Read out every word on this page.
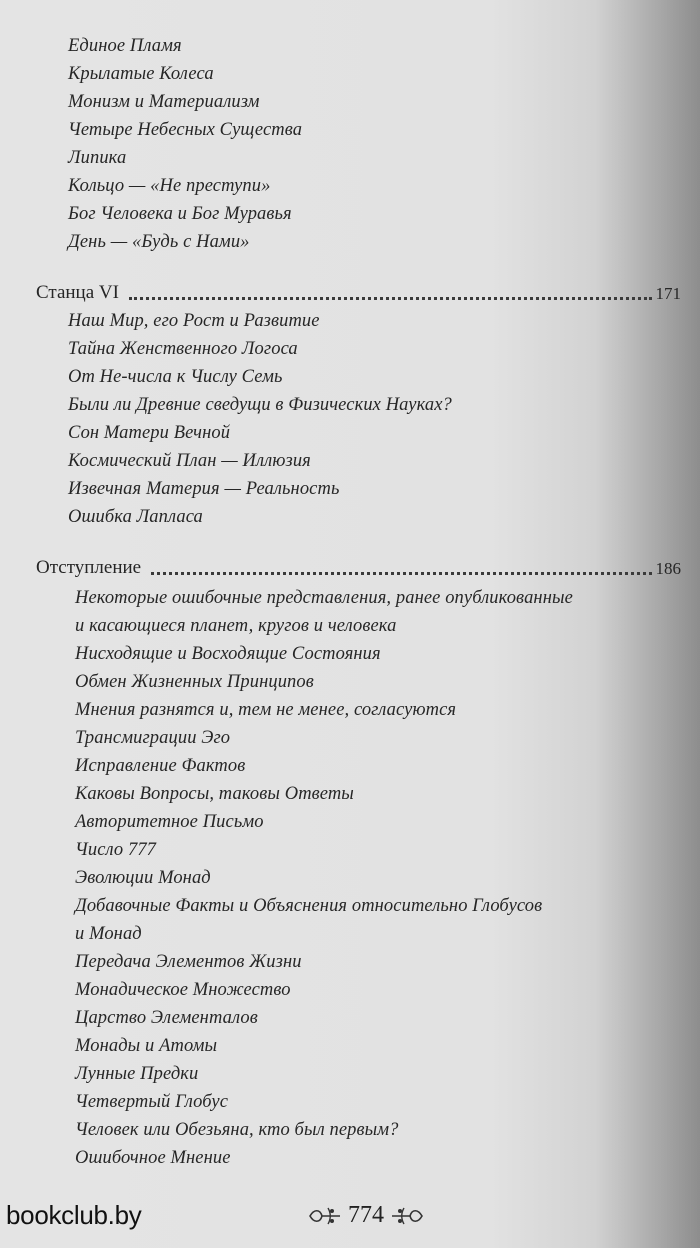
Единое Пламя
Крылатые Колеса
Монизм и Материализм
Четыре Небесных Существа
Липика
Кольцо — «Не преступи»
Бог Человека и Бог Муравья
День — «Будь с Нами»
Станца VI	171
Наш Мир, его Рост и Развитие
Тайна Женственного Логоса
От Не-числа к Числу Семь
Были ли Древние сведущи в Физических Науках?
Сон Матери Вечной
Космический План — Иллюзия
Извечная Материя — Реальность
Ошибка Лапласа
Отступление	186
Некоторые ошибочные представления, ранее опубликованные
и касающиеся планет, кругов и человека
Нисходящие и Восходящие Состояния
Обмен Жизненных Принципов
Мнения разнятся и, тем не менее, согласуются
Трансмиграции Эго
Исправление Фактов
Каковы Вопросы, таковы Ответы
Авторитетное Письмо
Число 777
Эволюции Монад
Добавочные Факты и Объяснения относительно Глобусов
и Монад
Передача Элементов Жизни
Монадическое Множество
Царство Элементалов
Монады и Атомы
Лунные Предки
Четвертый Глобус
Человек или Обезьяна, кто был первым?
Ошибочное Мнение
bookclub.by	774
